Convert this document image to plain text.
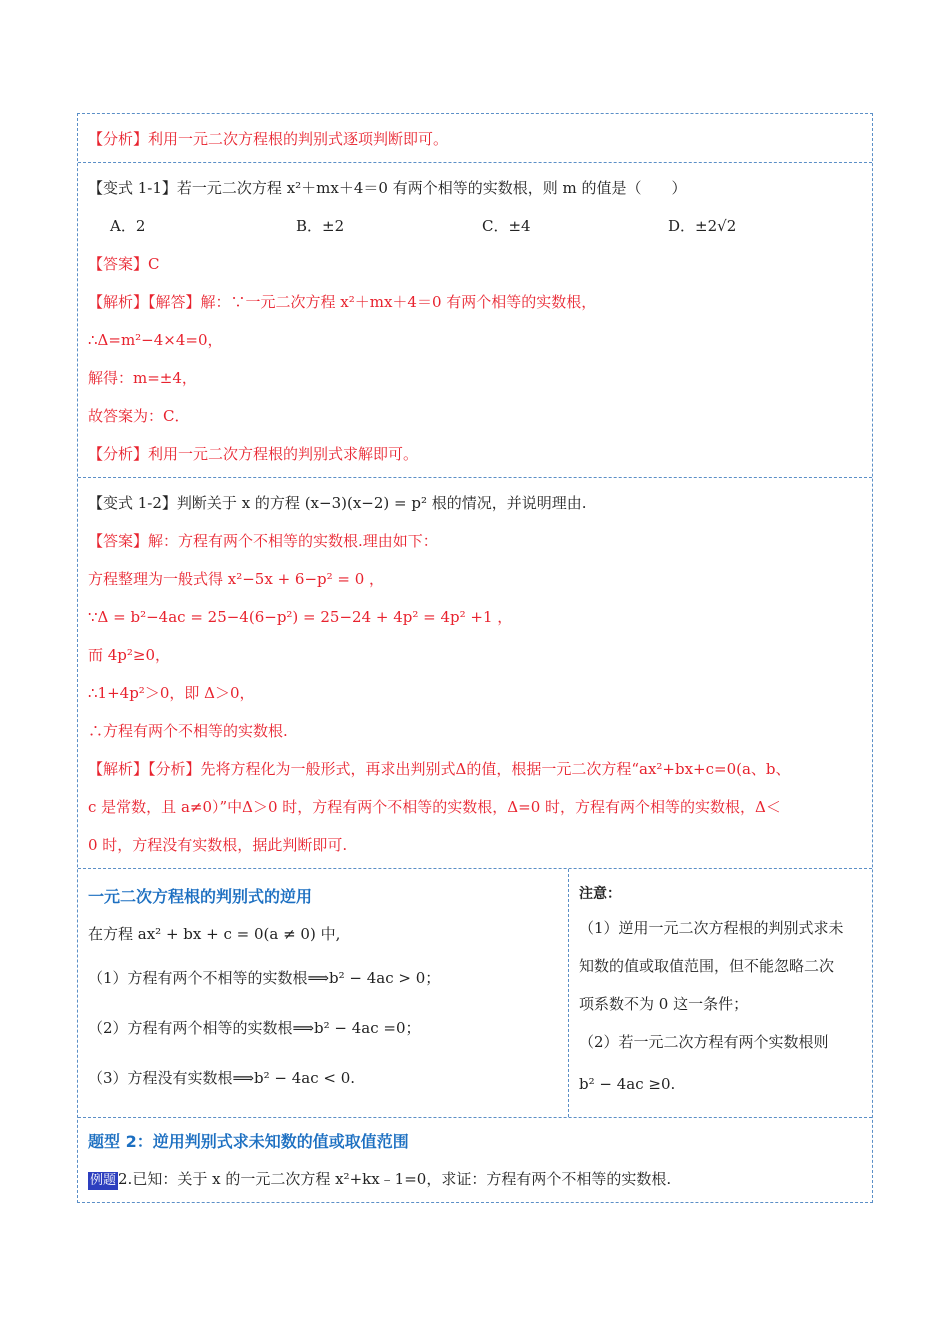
【分析】利用一元二次方程根的判别式逐项判断即可。
【变式 1-1】若一元二次方程 x²＋mx＋4＝0 有两个相等的实数根，则 m 的值是（　　）
A．2	B．±2	C．±4	D．±2√2
【答案】C
【解析】【解答】解：∵一元二次方程 x²＋mx＋4＝0 有两个相等的实数根，
∴Δ=m²−4×4=0，
解得：m=±4，
故答案为：C．
【分析】利用一元二次方程根的判别式求解即可。
【变式 1-2】判断关于 x 的方程 (x−3)(x−2) = p² 根的情况，并说明理由.
【答案】解：方程有两个不相等的实数根.理由如下：
方程整理为一般式得 x²−5x + 6−p² = 0 ，
∵Δ = b²−4ac = 25−4(6−p²) = 25−24 + 4p² = 4p² +1 ，
而 4p²≥0，
∴1+4p²＞0，即 Δ＞0，
∴方程有两个不相等的实数根.
【解析】【分析】先将方程化为一般形式，再求出判别式Δ的值，根据一元二次方程“ax²+bx+c=0(a、b、
c 是常数，且 a≠0）”中Δ＞0 时，方程有两个不相等的实数根，Δ=0 时，方程有两个相等的实数根，Δ＜
0 时，方程没有实数根，据此判断即可.
一元二次方程根的判别式的逆用
在方程 ax² + bx + c = 0(a ≠ 0) 中,
（1）方程有两个不相等的实数根⟹b² − 4ac > 0；
（2）方程有两个相等的实数根⟹b² − 4ac =0；
（3）方程没有实数根⟹b² − 4ac < 0.
注意：
（1）逆用一元二次方程根的判别式求未
知数的值或取值范围，但不能忽略二次
项系数不为 0 这一条件；
（2）若一元二次方程有两个实数根则
b² − 4ac ≥0.
题型 2：逆用判别式求未知数的值或取值范围
例题 2.已知：关于 x 的一元二次方程 x²+kx﹣1=0，求证：方程有两个不相等的实数根.
